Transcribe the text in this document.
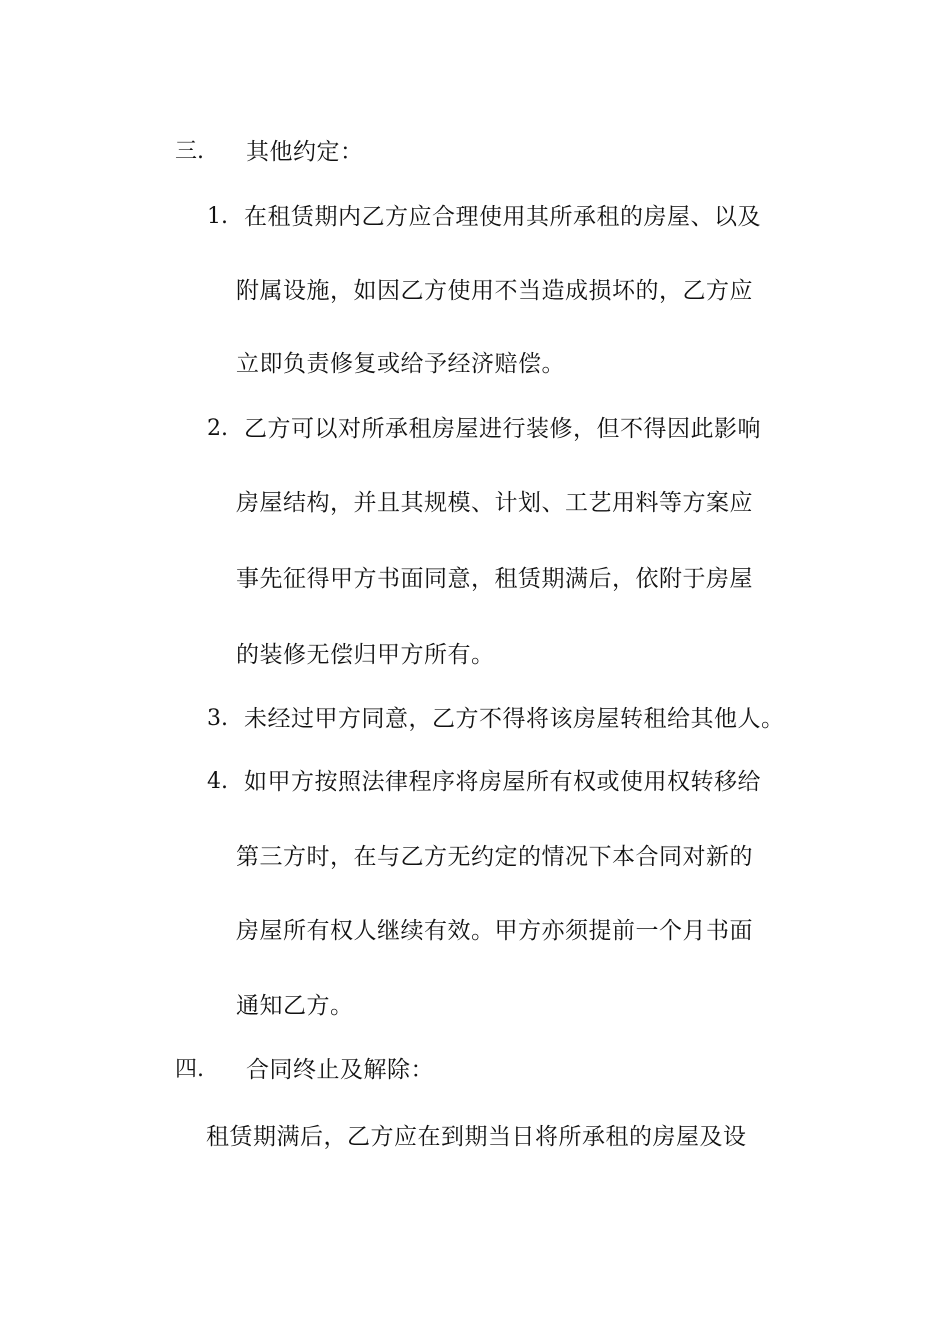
三. 其他约定：
1. 在租赁期内乙方应合理使用其所承租的房屋、以及
附属设施，如因乙方使用不当造成损坏的，乙方应
立即负责修复或给予经济赔偿。
2. 乙方可以对所承租房屋进行装修，但不得因此影响
房屋结构，并且其规模、计划、工艺用料等方案应
事先征得甲方书面同意，租赁期满后，依附于房屋
的装修无偿归甲方所有。
3. 未经过甲方同意，乙方不得将该房屋转租给其他人。
4. 如甲方按照法律程序将房屋所有权或使用权转移给
第三方时，在与乙方无约定的情况下本合同对新的
房屋所有权人继续有效。甲方亦须提前一个月书面
通知乙方。
四. 合同终止及解除：
租赁期满后，乙方应在到期当日将所承租的房屋及设
